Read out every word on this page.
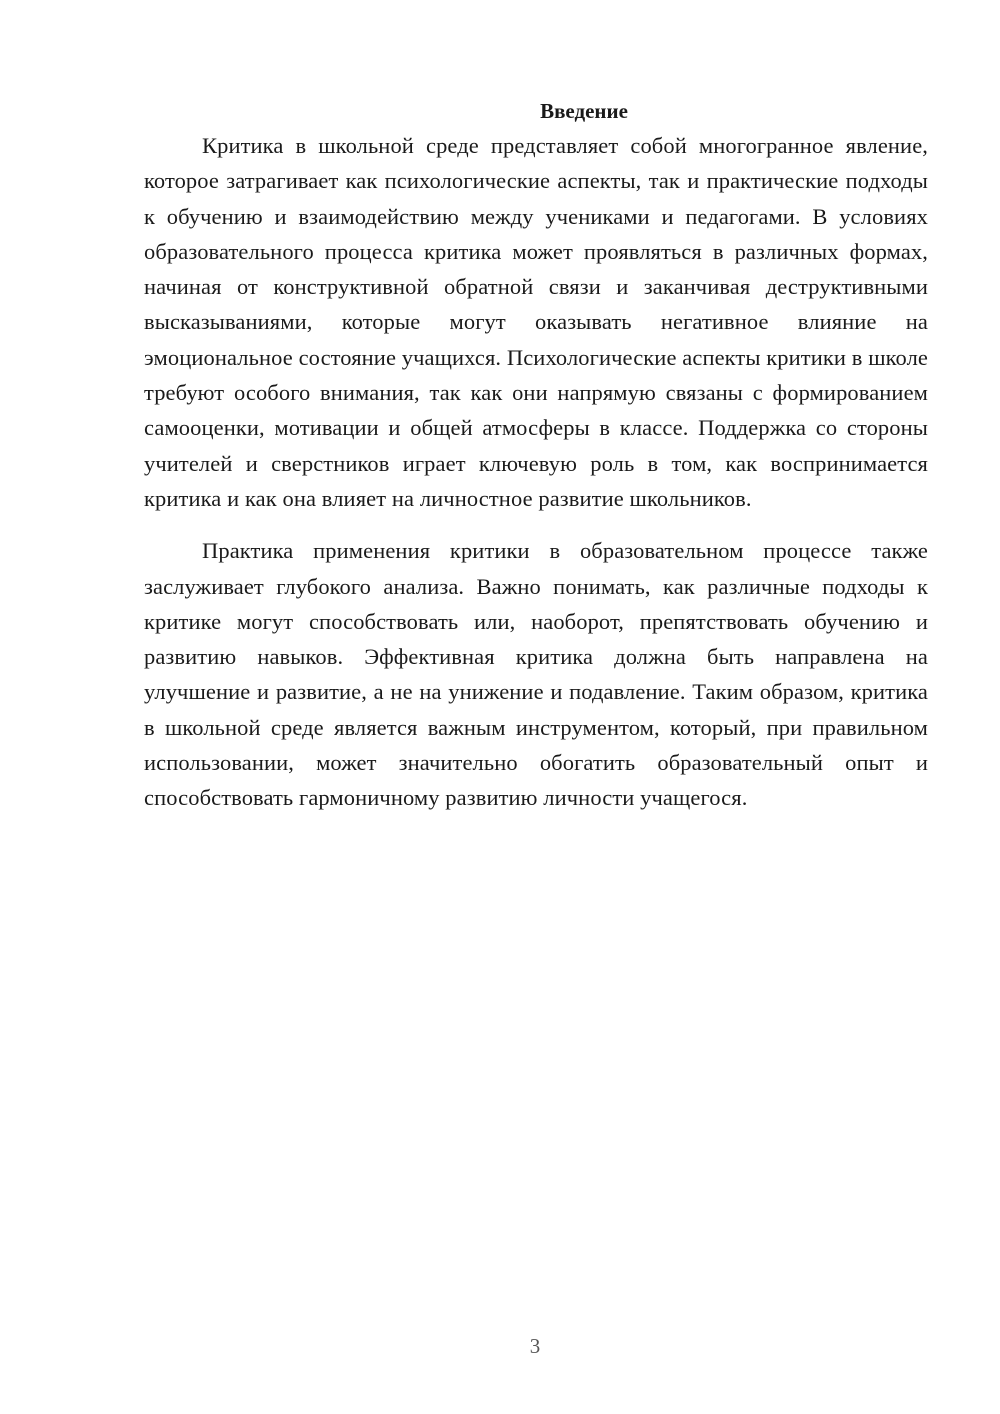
Введение

Критика в школьной среде представляет собой многогранное явление, которое затрагивает как психологические аспекты, так и практические подходы к обучению и взаимодействию между учениками и педагогами. В условиях образовательного процесса критика может проявляться в различных формах, начиная от конструктивной обратной связи и заканчивая деструктивными высказываниями, которые могут оказывать негативное влияние на эмоциональное состояние учащихся. Психологические аспекты критики в школе требуют особого внимания, так как они напрямую связаны с формированием самооценки, мотивации и общей атмосферы в классе. Поддержка со стороны учителей и сверстников играет ключевую роль в том, как воспринимается критика и как она влияет на личностное развитие школьников.

Практика применения критики в образовательном процессе также заслуживает глубокого анализа. Важно понимать, как различные подходы к критике могут способствовать или, наоборот, препятствовать обучению и развитию навыков. Эффективная критика должна быть направлена на улучшение и развитие, а не на унижение и подавление. Таким образом, критика в школьной среде является важным инструментом, который, при правильном использовании, может значительно обогатить образовательный опыт и способствовать гармоничному развитию личности учащегося.

3
